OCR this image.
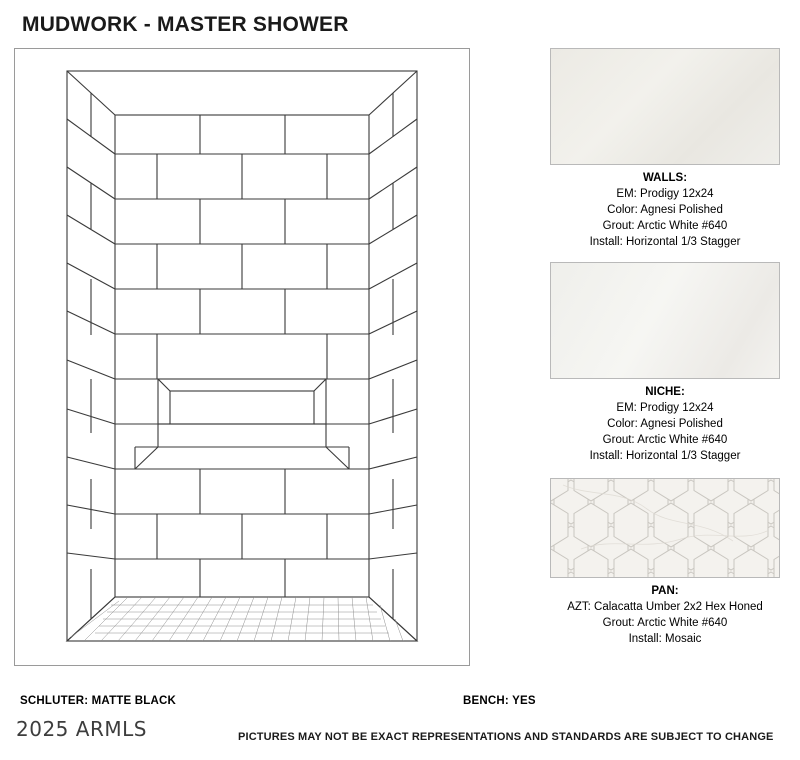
MUDWORK - MASTER SHOWER
WALLS:
EM: Prodigy 12x24
Color: Agnesi Polished
Grout: Arctic White #640
Install: Horizontal 1/3 Stagger
NICHE:
EM: Prodigy 12x24
Color: Agnesi Polished
Grout: Arctic White #640
Install: Horizontal 1/3 Stagger
PAN:
AZT: Calacatta Umber 2x2 Hex Honed
Grout: Arctic White #640
Install: Mosaic
SCHLUTER: MATTE BLACK	BENCH: YES
2025 ARMLS	PICTURES MAY NOT BE EXACT REPRESENTATIONS AND STANDARDS ARE SUBJECT TO CHANGE
